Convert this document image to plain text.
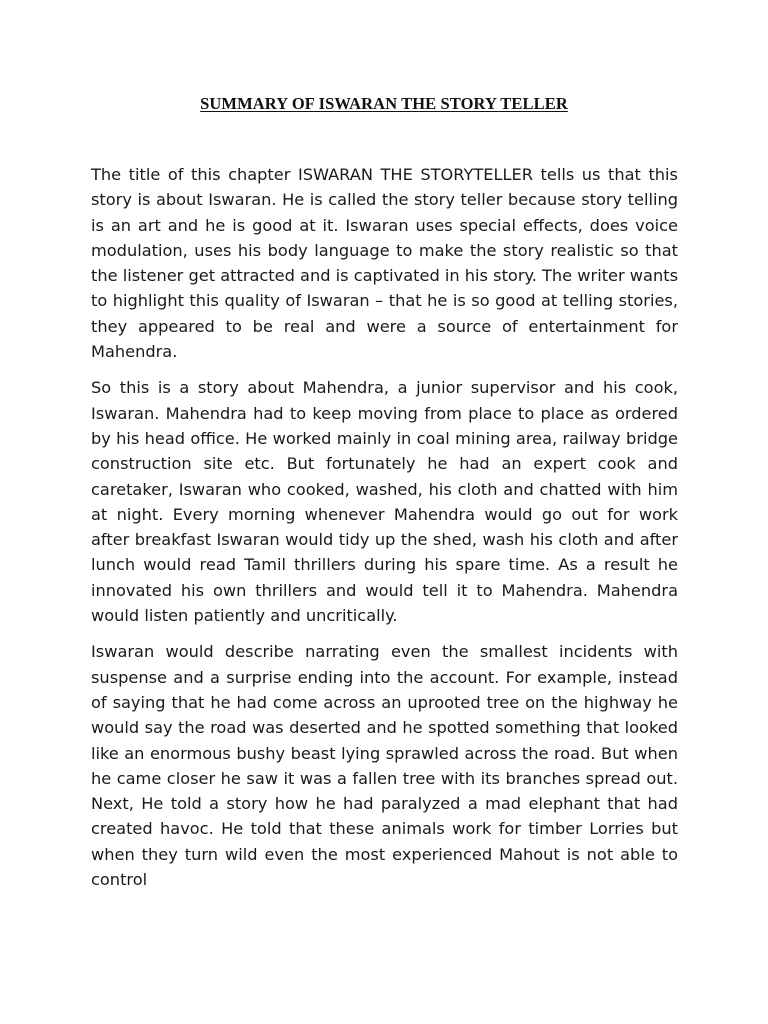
SUMMARY OF ISWARAN THE STORY TELLER

The title of this chapter ISWARAN THE STORYTELLER tells us that this story is about Iswaran. He is called the story teller because story telling is an art and he is good at it. Iswaran uses special effects, does voice modulation, uses his body language to make the story realistic so that the listener get attracted and is captivated in his story. The writer wants to highlight this quality of Iswaran – that he is so good at telling stories, they appeared to be real and were a source of entertainment for Mahendra.

So this is a story about Mahendra, a junior supervisor and his cook, Iswaran. Mahendra had to keep moving from place to place as ordered by his head office. He worked mainly in coal mining area, railway bridge construction site etc. But fortunately he had an expert cook and caretaker, Iswaran who cooked, washed, his cloth and chatted with him at night. Every morning whenever Mahendra would go out for work after breakfast Iswaran would tidy up the shed, wash his cloth and after lunch would read Tamil thrillers during his spare time. As a result he innovated his own thrillers and would tell it to Mahendra. Mahendra would listen patiently and uncritically.

Iswaran would describe narrating even the smallest incidents with suspense and a surprise ending into the account. For example, instead of saying that he had come across an uprooted tree on the highway he would say the road was deserted and he spotted something that looked like an enormous bushy beast lying sprawled across the road. But when he came closer he saw it was a fallen tree with its branches spread out. Next, He told a story how he had paralyzed a mad elephant that had created havoc. He told that these animals work for timber Lorries but when they turn wild even the most experienced Mahout is not able to control
